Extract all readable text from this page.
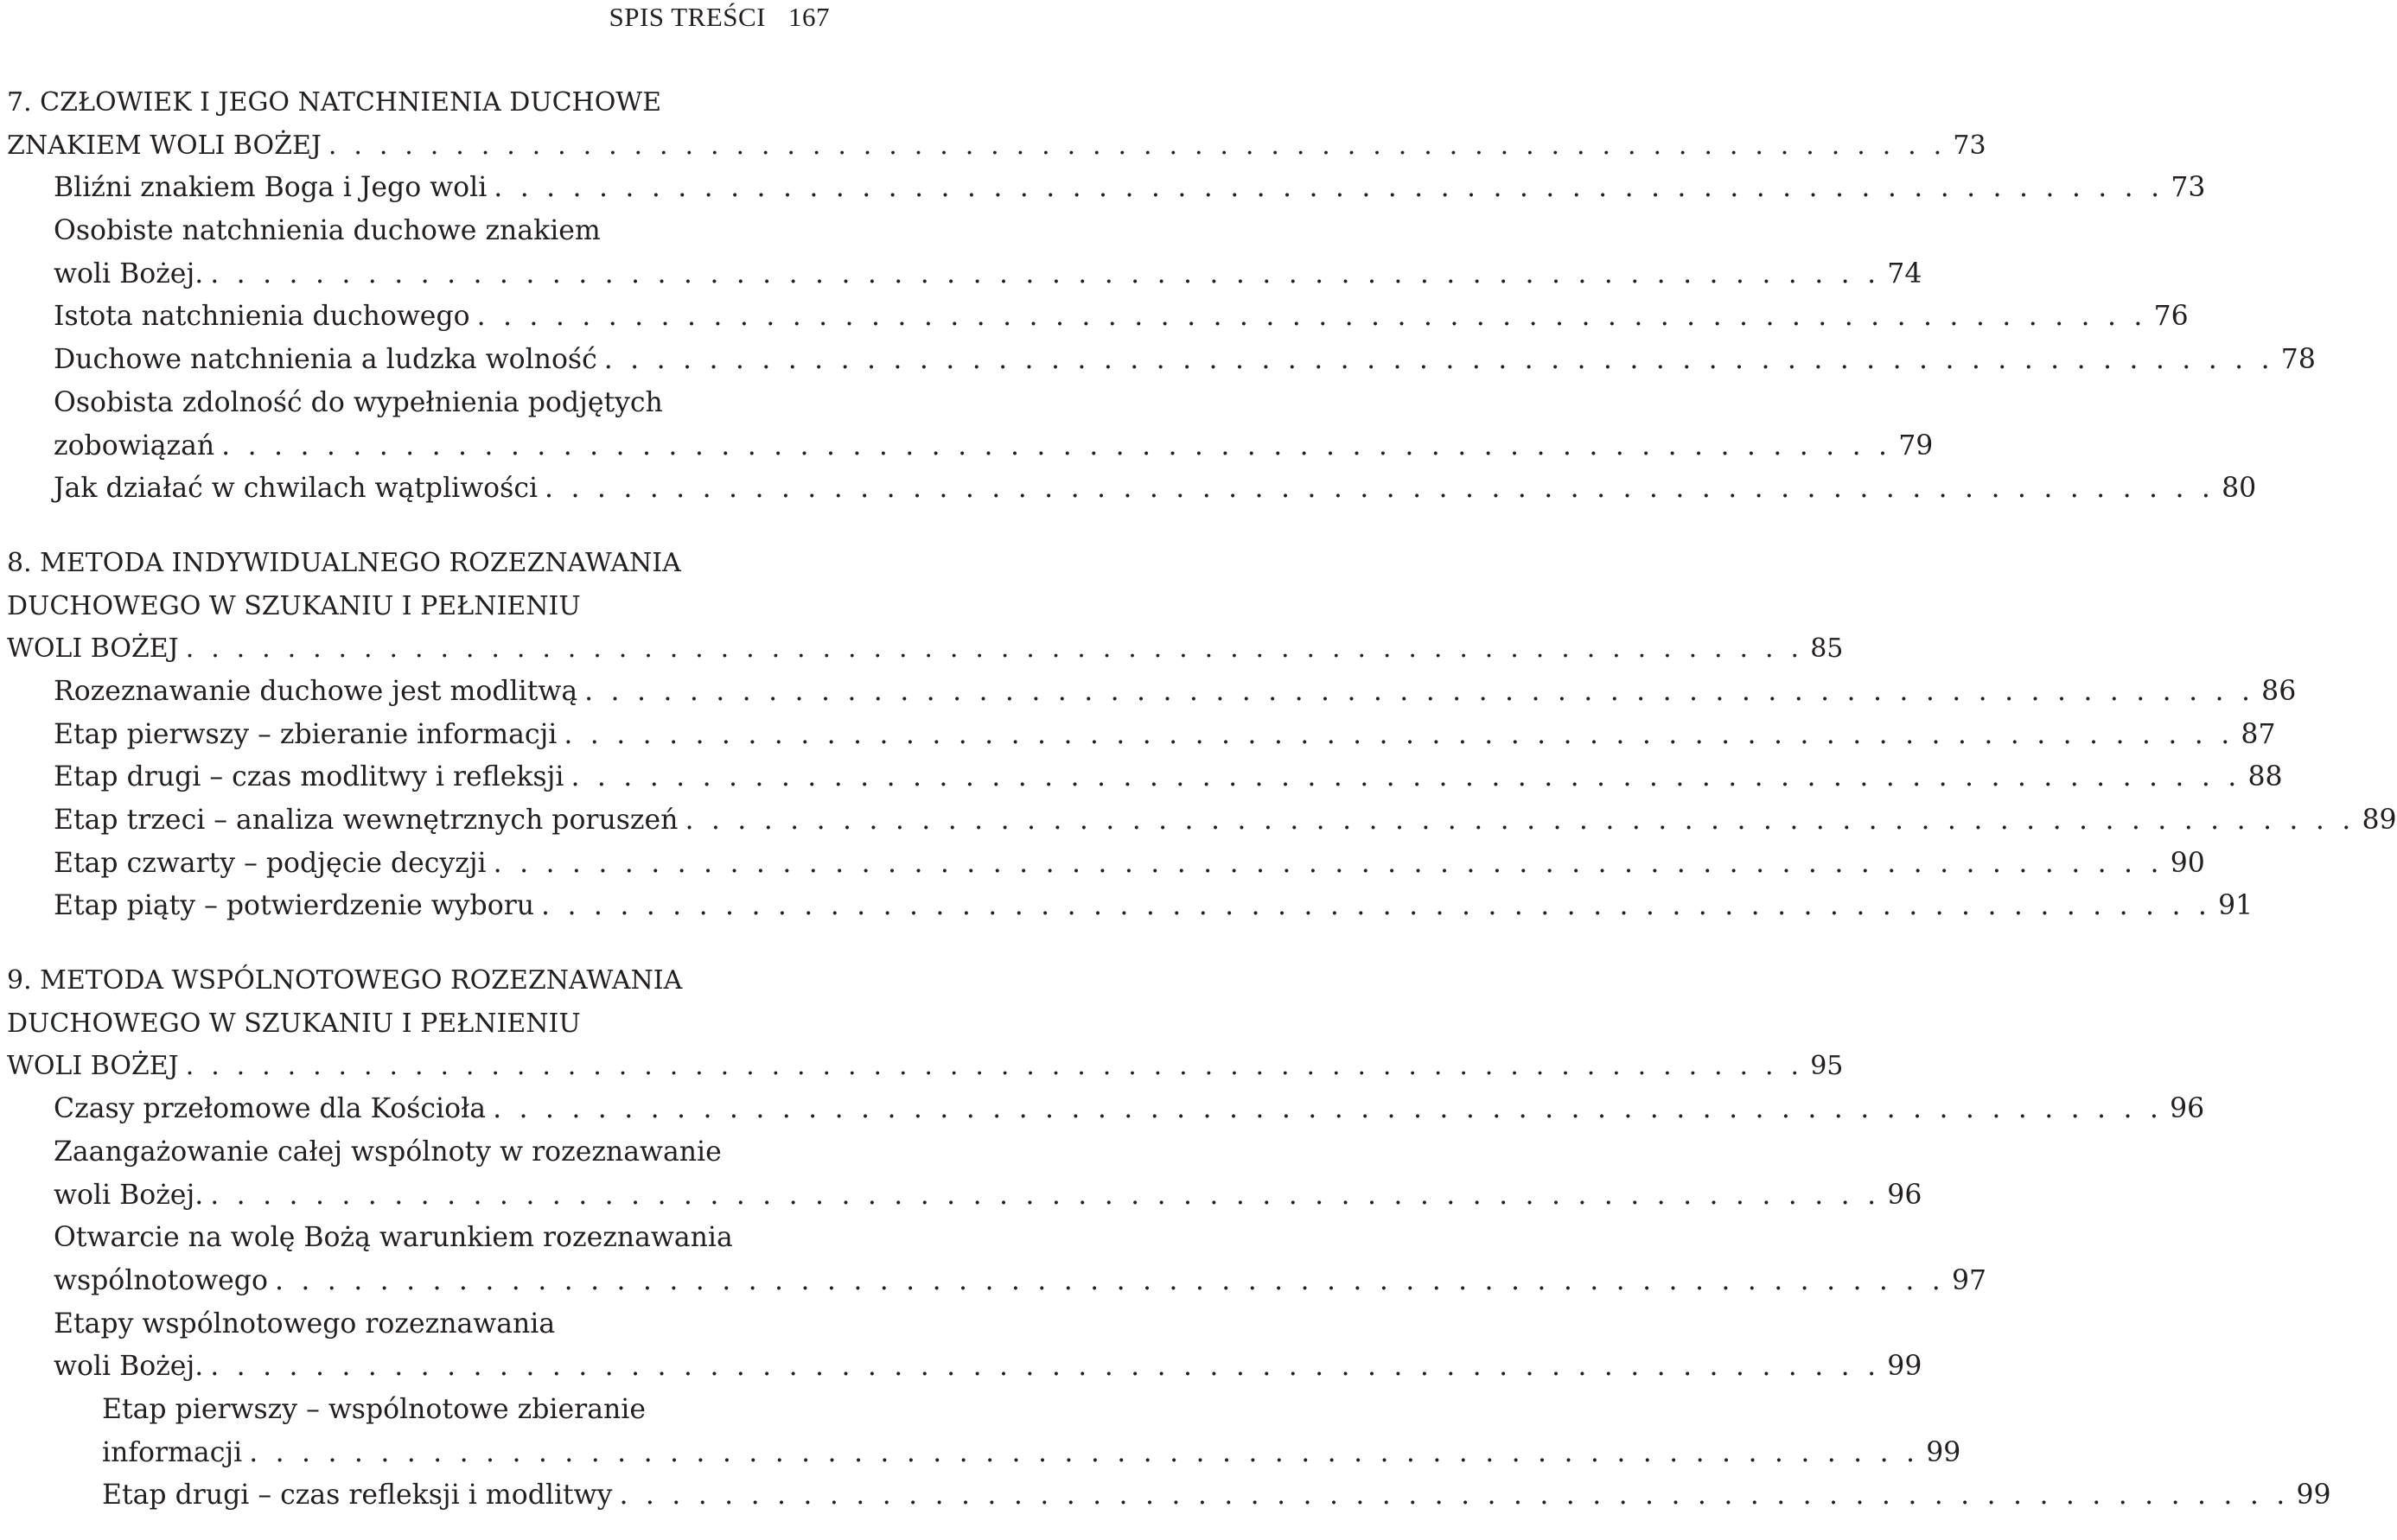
SPIS TREŚCI 167
7. CZŁOWIEK I JEGO NATCHNIENIA DUCHOWE
ZNAKIEM WOLI BOŻEJ . . . . . . . . . . . . . . . . . . . . . . . . . . . . . . . . . . . . . . . . . . . . . . . . . . . . . . . . . . . . . . . . 73
Bliźni znakiem Boga i Jego woli . . . . . . . . . . . . . . . . . . . . . . . . . . . . . . . . . . . . . . . . . . . . . . . . . . . . . . . . . . . . . . . . 73
Osobiste natchnienia duchowe znakiem
woli Bożej. . . . . . . . . . . . . . . . . . . . . . . . . . . . . . . . . . . . . . . . . . . . . . . . . . . . . . . . . . . . . . . . . 74
Istota natchnienia duchowego . . . . . . . . . . . . . . . . . . . . . . . . . . . . . . . . . . . . . . . . . . . . . . . . . . . . . . . . . . . . . . . . 76
Duchowe natchnienia a ludzka wolność . . . . . . . . . . . . . . . . . . . . . . . . . . . . . . . . . . . . . . . . . . . . . . . . . . . . . . . . . . . . . . . . 78
Osobista zdolność do wypełnienia podjętych
zobowiązań . . . . . . . . . . . . . . . . . . . . . . . . . . . . . . . . . . . . . . . . . . . . . . . . . . . . . . . . . . . . . . . . 79
Jak działać w chwilach wątpliwości . . . . . . . . . . . . . . . . . . . . . . . . . . . . . . . . . . . . . . . . . . . . . . . . . . . . . . . . . . . . . . . . 80
8. METODA INDYWIDUALNEGO ROZEZNAWANIA
DUCHOWEGO W SZUKANIU I PEŁNIENIU
WOLI BOŻEJ . . . . . . . . . . . . . . . . . . . . . . . . . . . . . . . . . . . . . . . . . . . . . . . . . . . . . . . . . . . . . . . . 85
Rozeznawanie duchowe jest modlitwą . . . . . . . . . . . . . . . . . . . . . . . . . . . . . . . . . . . . . . . . . . . . . . . . . . . . . . . . . . . . . . . . 86
Etap pierwszy – zbieranie informacji . . . . . . . . . . . . . . . . . . . . . . . . . . . . . . . . . . . . . . . . . . . . . . . . . . . . . . . . . . . . . . . . 87
Etap drugi – czas modlitwy i refleksji . . . . . . . . . . . . . . . . . . . . . . . . . . . . . . . . . . . . . . . . . . . . . . . . . . . . . . . . . . . . . . . . 88
Etap trzeci – analiza wewnętrznych poruszeń . . . . . . . . . . . . . . . . . . . . . . . . . . . . . . . . . . . . . . . . . . . . . . . . . . . . . . . . . . . . . . . . 89
Etap czwarty – podjęcie decyzji . . . . . . . . . . . . . . . . . . . . . . . . . . . . . . . . . . . . . . . . . . . . . . . . . . . . . . . . . . . . . . . . 90
Etap piąty – potwierdzenie wyboru . . . . . . . . . . . . . . . . . . . . . . . . . . . . . . . . . . . . . . . . . . . . . . . . . . . . . . . . . . . . . . . . 91
9. METODA WSPÓLNOTOWEGO ROZEZNAWANIA
DUCHOWEGO W SZUKANIU I PEŁNIENIU
WOLI BOŻEJ . . . . . . . . . . . . . . . . . . . . . . . . . . . . . . . . . . . . . . . . . . . . . . . . . . . . . . . . . . . . . . . . 95
Czasy przełomowe dla Kościoła . . . . . . . . . . . . . . . . . . . . . . . . . . . . . . . . . . . . . . . . . . . . . . . . . . . . . . . . . . . . . . . . 96
Zaangażowanie całej wspólnoty w rozeznawanie
woli Bożej. . . . . . . . . . . . . . . . . . . . . . . . . . . . . . . . . . . . . . . . . . . . . . . . . . . . . . . . . . . . . . . . . 96
Otwarcie na wolę Bożą warunkiem rozeznawania
wspólnotowego . . . . . . . . . . . . . . . . . . . . . . . . . . . . . . . . . . . . . . . . . . . . . . . . . . . . . . . . . . . . . . . . 97
Etapy wspólnotowego rozeznawania
woli Bożej. . . . . . . . . . . . . . . . . . . . . . . . . . . . . . . . . . . . . . . . . . . . . . . . . . . . . . . . . . . . . . . . . 99
Etap pierwszy – wspólnotowe zbieranie
informacji . . . . . . . . . . . . . . . . . . . . . . . . . . . . . . . . . . . . . . . . . . . . . . . . . . . . . . . . . . . . . . . . 99
Etap drugi – czas refleksji i modlitwy . . . . . . . . . . . . . . . . . . . . . . . . . . . . . . . . . . . . . . . . . . . . . . . . . . . . . . . . . . . . . . . . 99
